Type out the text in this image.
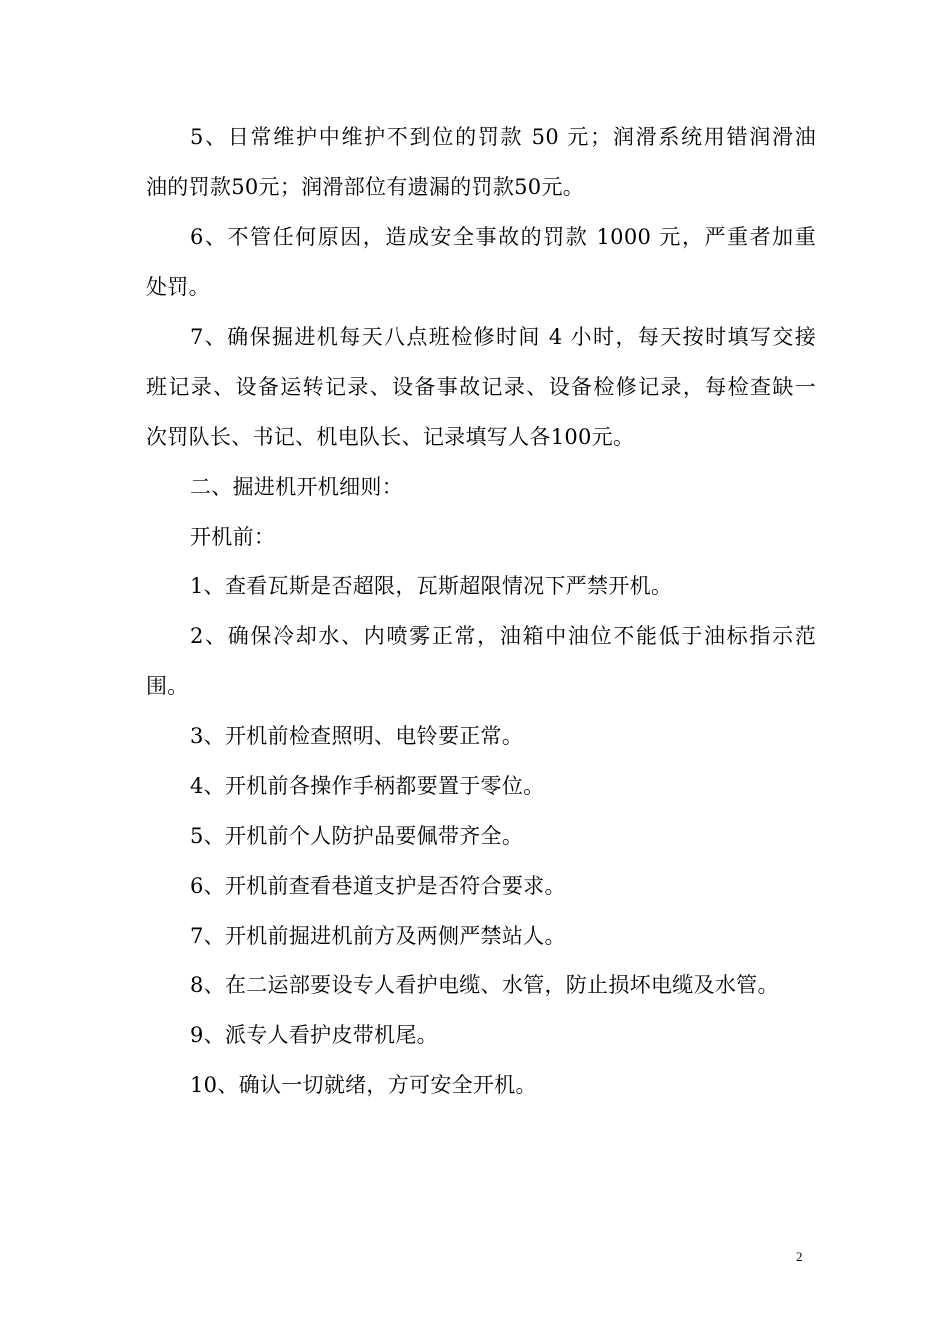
5、日常维护中维护不到位的罚款 50 元；润滑系统用错润滑油
油的罚款50元；润滑部位有遗漏的罚款50元。
6、不管任何原因，造成安全事故的罚款 1000 元，严重者加重
处罚。
7、确保掘进机每天八点班检修时间 4 小时，每天按时填写交接
班记录、设备运转记录、设备事故记录、设备检修记录，每检查缺一
次罚队长、书记、机电队长、记录填写人各100元。
二、掘进机开机细则：
开机前：
1、查看瓦斯是否超限，瓦斯超限情况下严禁开机。
2、确保冷却水、内喷雾正常，油箱中油位不能低于油标指示范
围。
3、开机前检查照明、电铃要正常。
4、开机前各操作手柄都要置于零位。
5、开机前个人防护品要佩带齐全。
6、开机前查看巷道支护是否符合要求。
7、开机前掘进机前方及两侧严禁站人。
8、在二运部要设专人看护电缆、水管，防止损坏电缆及水管。
9、派专人看护皮带机尾。
10、确认一切就绪，方可安全开机。
2
